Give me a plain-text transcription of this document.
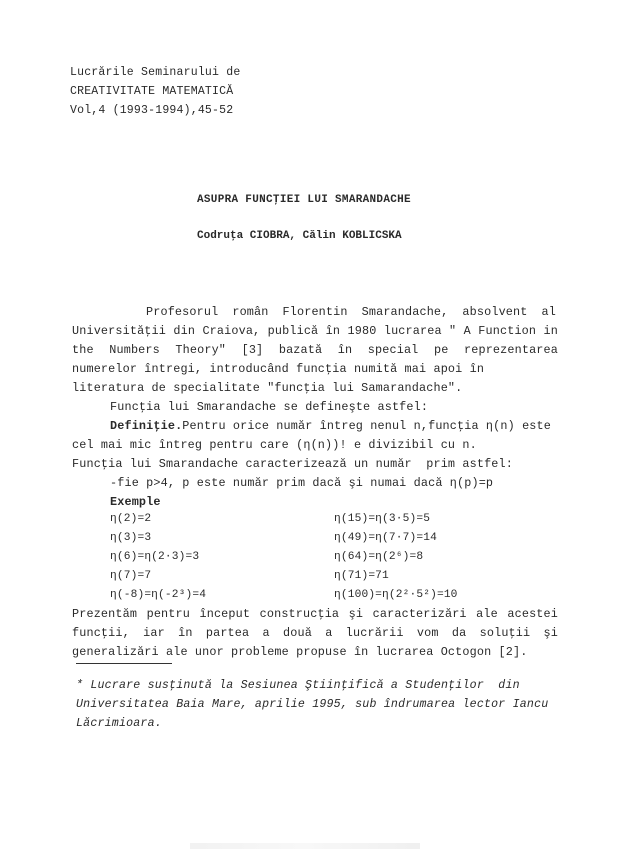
Lucrările Seminarului de
CREATIVITATE MATEMATICĂ
Vol,4 (1993-1994),45-52
ASUPRA FUNCŢIEI LUI SMARANDACHE
Codruţa CIOBRA, Călin KOBLICSKA
Profesorul român Florentin Smarandache, absolvent al
Universităţii din Craiova, publică în 1980 lucrarea " A Function in
the Numbers Theory" [3] bazată în special pe reprezentarea
numerelor întregi, introducând funcţia numită mai apoi în
literatura de specialitate "funcţia lui Samarandache".
Funcţia lui Smarandache se defineşte astfel:
Definiţie.Pentru orice număr întreg nenul n,funcţia η(n) este
cel mai mic întreg pentru care (η(n))! e divizibil cu n.
Funcţia lui Smarandache caracterizează un număr  prim astfel:
-fie p>4, p este număr prim dacă şi numai dacă η(p)=p
Exemple
η(2)=2
η(3)=3
η(6)=η(2·3)=3
η(7)=7
η(-8)=η(-2³)=4
η(15)=η(3·5)=5
η(49)=η(7·7)=14
η(64)=η(2⁶)=8
η(71)=71
η(100)=η(2²·5²)=10
Prezentăm pentru început construcţia şi caracterizări ale acestei
funcţii, iar în partea a două a lucrării vom da soluţii şi
generalizări ale unor probleme propuse în lucrarea Octogon [2].
* Lucrare susţinută la Sesiunea Ştiinţifică a Studenţilor  din
Universitatea Baia Mare, aprilie 1995, sub îndrumarea lector Iancu
Lăcrimioara.
